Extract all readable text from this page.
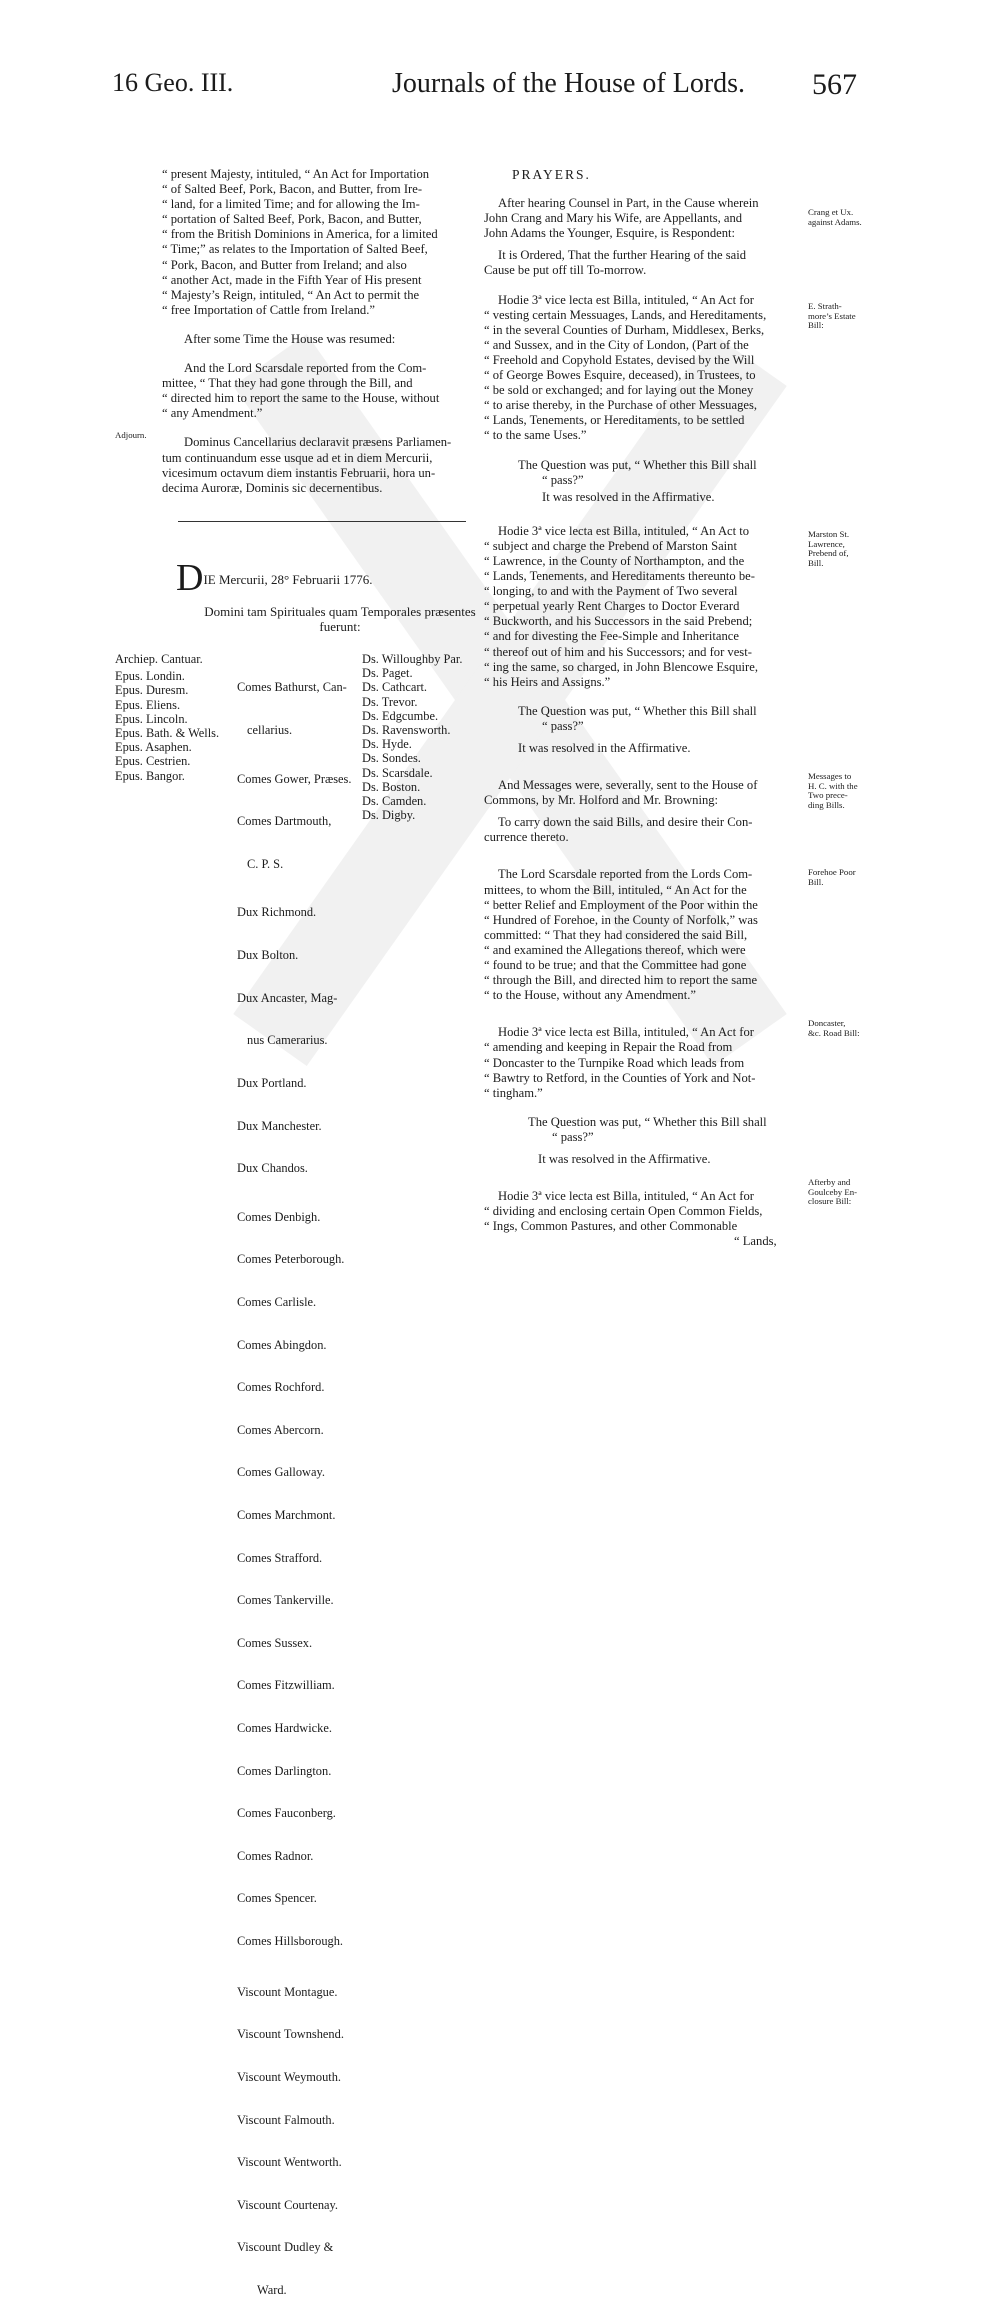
16 Geo. III.	Journals of the House of Lords. 567

“ present Majesty, intituled, “ An Act for Importation

“ of Salted Beef, Pork, Bacon, and Butter, from Ire-

“ land, for a limited Time; and for allowing the Im-

“ portation of Salted Beef, Pork, Bacon, and Butter,

“ from the British Dominions in America, for a limited

“ Time;” as relates to the Importation of Salted Beef,

“ Pork, Bacon, and Butter from Ireland; and also

“ another Act, made in the Fifth Year of His present

“ Majesty’s Reign, intituled, “ An Act to permit the

“ free Importation of Cattle from Ireland.”

After some Time the House was resumed:

And the Lord Scarsdale reported from the Com-

mittee, “ That they had gone through the Bill, and

“ directed him to report the same to the House, without

“ any Amendment.”

Dominus Cancellarius declaravit præsens Parliamen-

tum continuandum esse usque ad et in diem Mercurii,

vicesimum octavum diem instantis Februarii, hora un-

decima Auroræ, Dominis sic decernentibus.

Adjourn.
DIE Mercurii, 28° Februarii 1776.
Domini tam Spirituales quam Temporales præsentes
fuerunt:
Archiep. Cantuar.
Epus. Londin.
Epus. Duresm.
Epus. Eliens.
Epus. Lincoln.
Epus. Bath. & Wells.
Epus. Asaphen.
Epus. Cestrien.
Epus. Bangor.

Comes Bathurst, Can-

cellarius.

Comes Gower, Præses.

Comes Dartmouth,

C. P. S.

Dux Richmond.

Dux Bolton.

Dux Ancaster, Mag-

nus Camerarius.

Dux Portland.

Dux Manchester.

Dux Chandos.

Comes Denbigh.

Comes Peterborough.

Comes Carlisle.

Comes Abingdon.

Comes Rochford.

Comes Abercorn.

Comes Galloway.

Comes Marchmont.

Comes Strafford.

Comes Tankerville.

Comes Sussex.

Comes Fitzwilliam.

Comes Hardwicke.

Comes Darlington.

Comes Fauconberg.

Comes Radnor.

Comes Spencer.

Comes Hillsborough.

Viscount Montague.

Viscount Townshend.

Viscount Weymouth.

Viscount Falmouth.

Viscount Wentworth.

Viscount Courtenay.

Viscount Dudley &

Ward.

Ds. Willoughby Par.
Ds. Paget.
Ds. Cathcart.
Ds. Trevor.
Ds. Edgcumbe.
Ds. Ravensworth.
Ds. Hyde.
Ds. Sondes.
Ds. Scarsdale.
Ds. Boston.
Ds. Camden.
Ds. Digby.

PRAYERS.

After hearing Counsel in Part, in the Cause wherein

John Crang and Mary his Wife, are Appellants, and

John Adams the Younger, Esquire, is Respondent:

It is Ordered, That the further Hearing of the said

Cause be put off till To-morrow.

Hodie 3ª vice lecta est Billa, intituled, “ An Act for

“ vesting certain Messuages, Lands, and Hereditaments,

“ in the several Counties of Durham, Middlesex, Berks,

“ and Sussex, and in the City of London, (Part of the

“ Freehold and Copyhold Estates, devised by the Will

“ of George Bowes Esquire, deceased), in Trustees, to

“ be sold or exchanged; and for laying out the Money

“ to arise thereby, in the Purchase of other Messuages,

“ Lands, Tenements, or Hereditaments, to be settled

“ to the same Uses.”

The Question was put, “ Whether this Bill shall

“ pass?”

It was resolved in the Affirmative.

Hodie 3ª vice lecta est Billa, intituled, “ An Act to

“ subject and charge the Prebend of Marston Saint

“ Lawrence, in the County of Northampton, and the

“ Lands, Tenements, and Hereditaments thereunto be-

“ longing, to and with the Payment of Two several

“ perpetual yearly Rent Charges to Doctor Everard

“ Buckworth, and his Successors in the said Prebend;

“ and for divesting the Fee-Simple and Inheritance

“ thereof out of him and his Successors; and for vest-

“ ing the same, so charged, in John Blencowe Esquire,

“ his Heirs and Assigns.”

The Question was put, “ Whether this Bill shall

“ pass?”

It was resolved in the Affirmative.

And Messages were, severally, sent to the House of

Commons, by Mr. Holford and Mr. Browning:

To carry down the said Bills, and desire their Con-

currence thereto.

The Lord Scarsdale reported from the Lords Com-

mittees, to whom the Bill, intituled, “ An Act for the

“ better Relief and Employment of the Poor within the

“ Hundred of Forehoe, in the County of Norfolk,” was

committed: “ That they had considered the said Bill,

“ and examined the Allegations thereof, which were

“ found to be true; and that the Committee had gone

“ through the Bill, and directed him to report the same

“ to the House, without any Amendment.”

Hodie 3ª vice lecta est Billa, intituled, “ An Act for

“ amending and keeping in Repair the Road from

“ Doncaster to the Turnpike Road which leads from

“ Bawtry to Retford, in the Counties of York and Not-

“ tingham.”

The Question was put, “ Whether this Bill shall

“ pass?”

It was resolved in the Affirmative.

Hodie 3ª vice lecta est Billa, intituled, “ An Act for

“ dividing and enclosing certain Open Common Fields,

“ Ings, Common Pastures, and other Commonable

“ Lands,

Crang et Ux.
against Adams.
E. Strath-
more’s Estate
Bill:
Marston St.
Lawrence,
Prebend of,
Bill.
Messages to
H. C. with the
Two prece-
ding Bills.
Forehoe Poor
Bill.
Doncaster,
&c. Road Bill:
Afterby and
Goulceby En-
closure Bill:
